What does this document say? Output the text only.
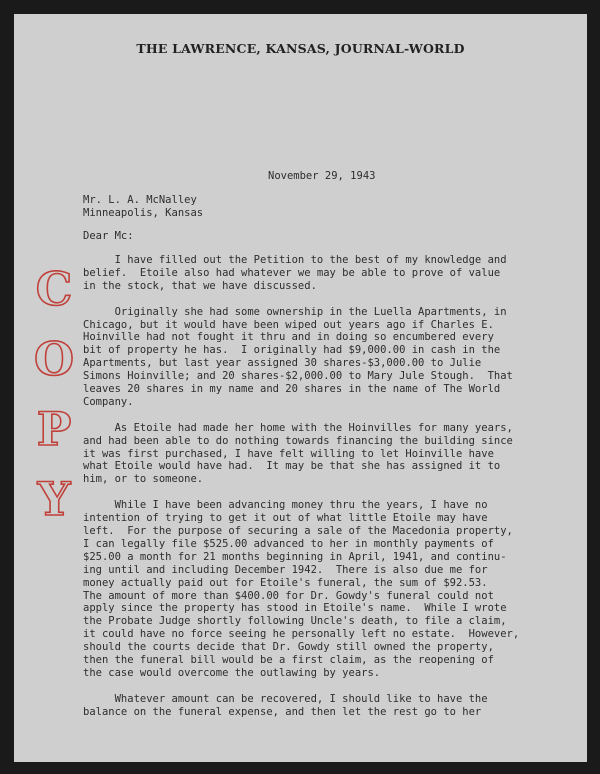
THE LAWRENCE, KANSAS, JOURNAL-WORLD
November 29, 1943
Mr. L. A. McNalley
Minneapolis, Kansas
Dear Mc:
C
O
P
Y

I have filled out the Petition to the best of my knowledge and
belief.  Etoile also had whatever we may be able to prove of value
in the stock, that we have discussed.

Originally she had some ownership in the Luella Apartments, in
Chicago, but it would have been wiped out years ago if Charles E.
Hoinville had not fought it thru and in doing so encumbered every
bit of property he has.  I originally had $9,000.00 in cash in the
Apartments, but last year assigned 30 shares-$3,000.00 to Julie
Simons Hoinville; and 20 shares-$2,000.00 to Mary Jule Stough.  That
leaves 20 shares in my name and 20 shares in the name of The World
Company.

As Etoile had made her home with the Hoinvilles for many years,
and had been able to do nothing towards financing the building since
it was first purchased, I have felt willing to let Hoinville have
what Etoile would have had.  It may be that she has assigned it to
him, or to someone.

While I have been advancing money thru the years, I have no
intention of trying to get it out of what little Etoile may have
left.  For the purpose of securing a sale of the Macedonia property,
I can legally file $525.00 advanced to her in monthly payments of
$25.00 a month for 21 months beginning in April, 1941, and continu-
ing until and including December 1942.  There is also due me for
money actually paid out for Etoile's funeral, the sum of $92.53.
The amount of more than $400.00 for Dr. Gowdy's funeral could not
apply since the property has stood in Etoile's name.  While I wrote
the Probate Judge shortly following Uncle's death, to file a claim,
it could have no force seeing he personally left no estate.  However,
should the courts decide that Dr. Gowdy still owned the property,
then the funeral bill would be a first claim, as the reopening of
the case would overcome the outlawing by years.

Whatever amount can be recovered, I should like to have the
balance on the funeral expense, and then let the rest go to her
